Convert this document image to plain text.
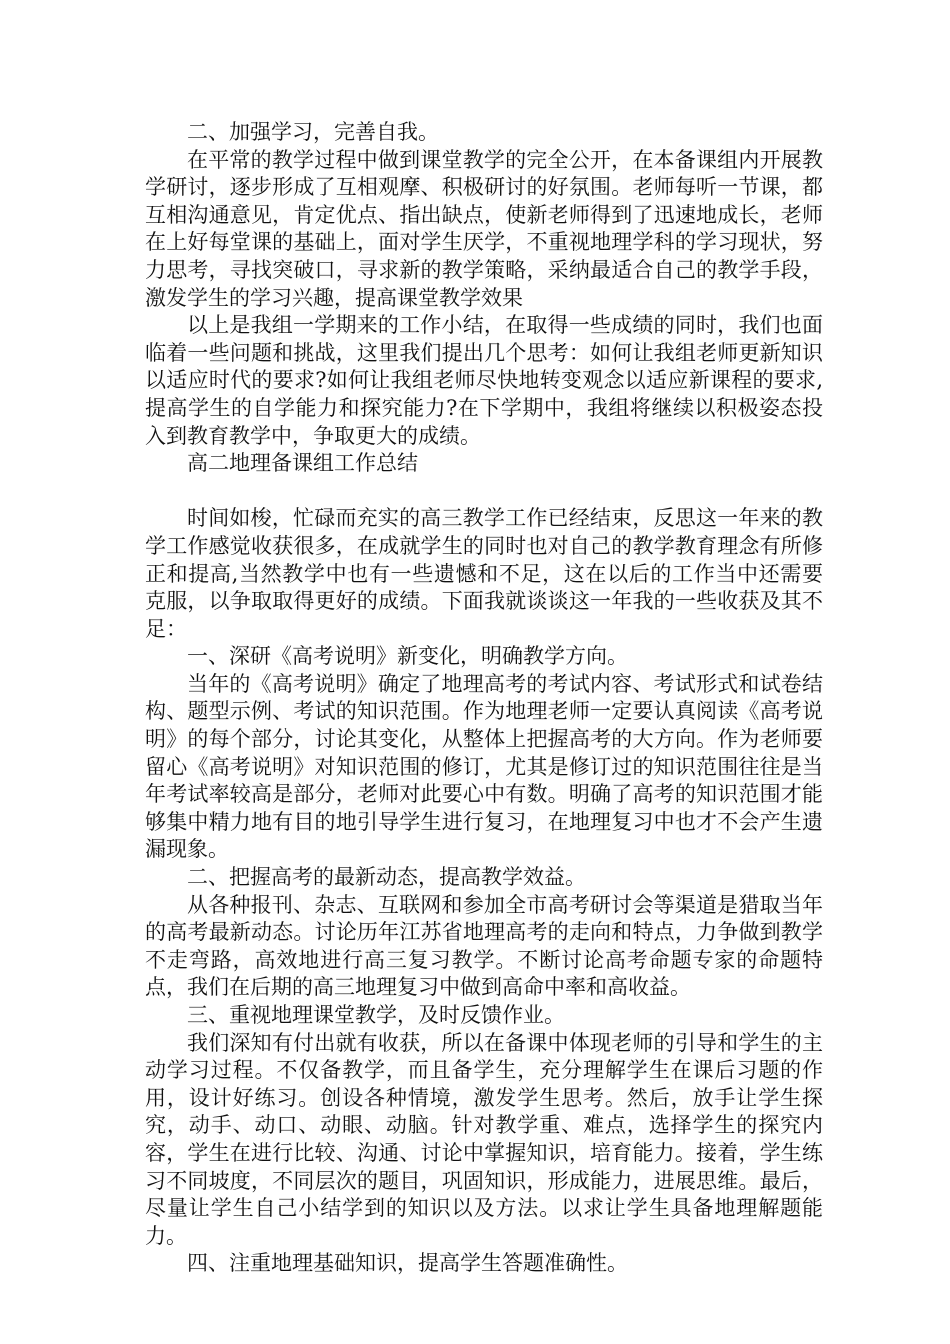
二、加强学习，完善自我。

在平常的教学过程中做到课堂教学的完全公开，在本备课组内开展教学研讨，逐步形成了互相观摩、积极研讨的好氛围。老师每听一节课，都互相沟通意见，肯定优点、指出缺点，使新老师得到了迅速地成长，老师在上好每堂课的基础上，面对学生厌学，不重视地理学科的学习现状，努力思考，寻找突破口，寻求新的教学策略，采纳最适合自己的教学手段，激发学生的学习兴趣，提高课堂教学效果

以上是我组一学期来的工作小结，在取得一些成绩的同时，我们也面临着一些问题和挑战，这里我们提出几个思考：如何让我组老师更新知识以适应时代的要求?如何让我组老师尽快地转变观念以适应新课程的要求,提高学生的自学能力和探究能力?在下学期中，我组将继续以积极姿态投入到教育教学中，争取更大的成绩。

高二地理备课组工作总结

时间如梭，忙碌而充实的高三教学工作已经结束，反思这一年来的教学工作感觉收获很多，在成就学生的同时也对自己的教学教育理念有所修正和提高,当然教学中也有一些遗憾和不足，这在以后的工作当中还需要克服，以争取取得更好的成绩。下面我就谈谈这一年我的一些收获及其不足：

一、深研《高考说明》新变化，明确教学方向。

当年的《高考说明》确定了地理高考的考试内容、考试形式和试卷结构、题型示例、考试的知识范围。作为地理老师一定要认真阅读《高考说明》的每个部分，讨论其变化，从整体上把握高考的大方向。作为老师要留心《高考说明》对知识范围的修订，尤其是修订过的知识范围往往是当年考试率较高是部分，老师对此要心中有数。明确了高考的知识范围才能够集中精力地有目的地引导学生进行复习，在地理复习中也才不会产生遗漏现象。

二、把握高考的最新动态，提高教学效益。

从各种报刊、杂志、互联网和参加全市高考研讨会等渠道是猎取当年的高考最新动态。讨论历年江苏省地理高考的走向和特点，力争做到教学不走弯路，高效地进行高三复习教学。不断讨论高考命题专家的命题特点，我们在后期的高三地理复习中做到高命中率和高收益。

三、重视地理课堂教学，及时反馈作业。

我们深知有付出就有收获，所以在备课中体现老师的引导和学生的主动学习过程。不仅备教学，而且备学生，充分理解学生在课后习题的作用，设计好练习。创设各种情境，激发学生思考。然后，放手让学生探究，动手、动口、动眼、动脑。针对教学重、难点，选择学生的探究内容，学生在进行比较、沟通、讨论中掌握知识，培育能力。接着，学生练习不同坡度，不同层次的题目，巩固知识，形成能力，进展思维。最后，尽量让学生自己小结学到的知识以及方法。以求让学生具备地理解题能力。

四、注重地理基础知识，提高学生答题准确性。
